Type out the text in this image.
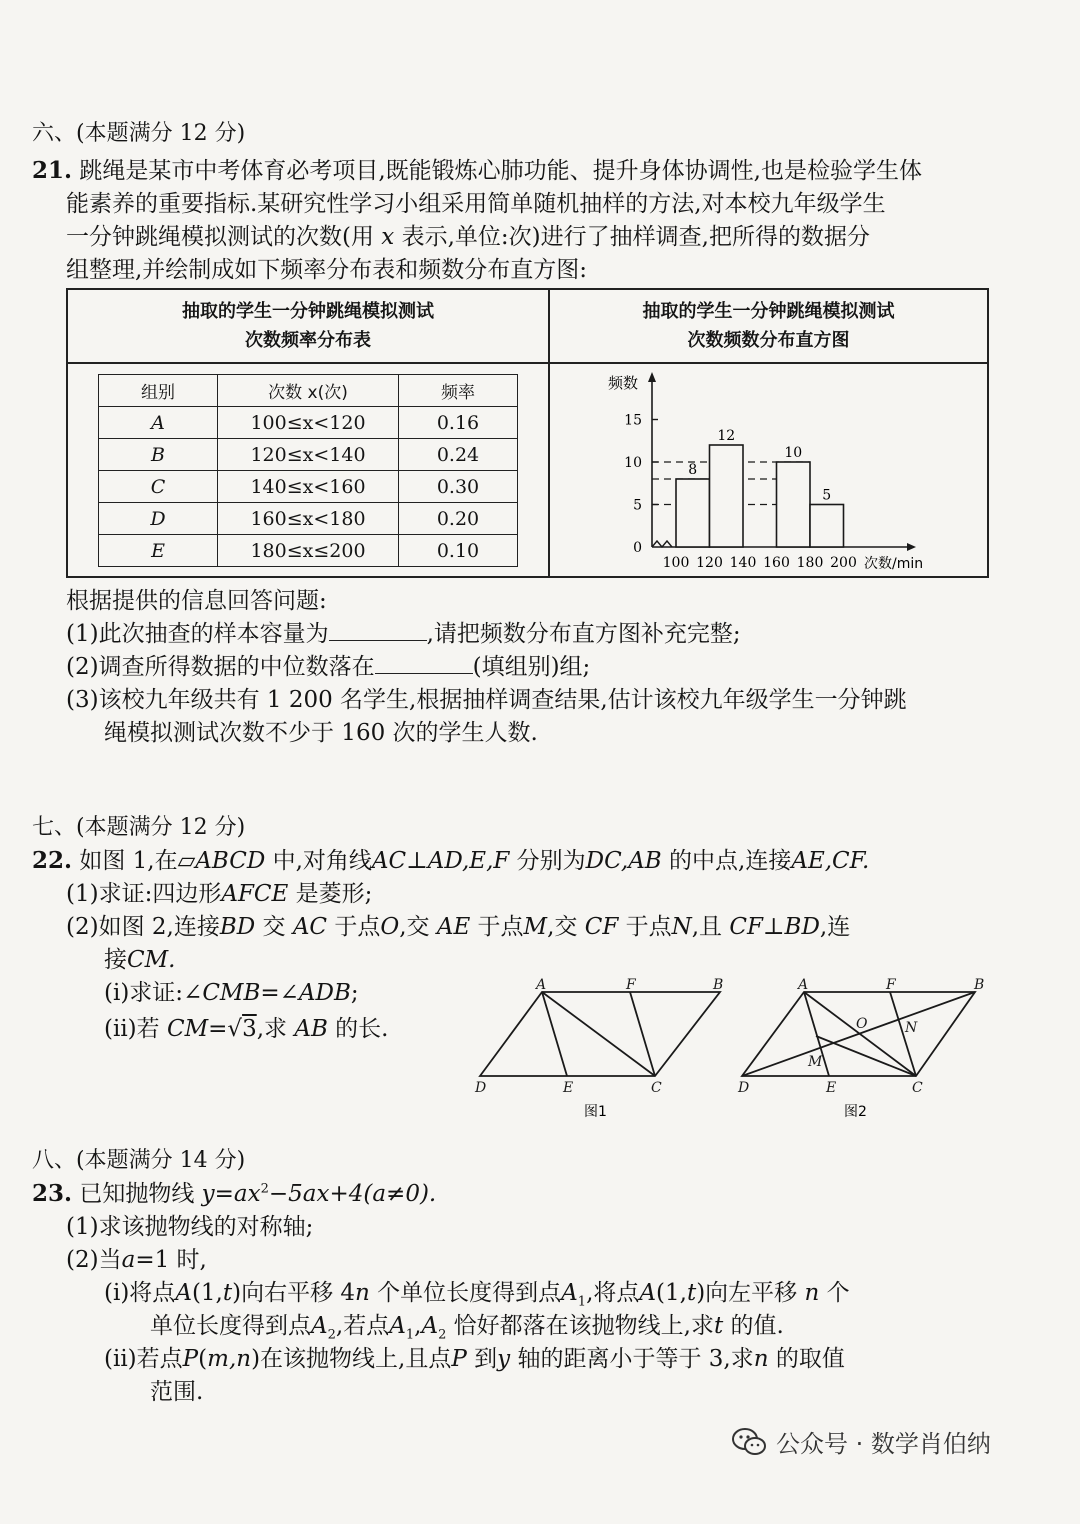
六、(本题满分 12 分)
21. 跳绳是某市中考体育必考项目,既能锻炼心肺功能、提升身体协调性,也是检验学生体
能素养的重要指标.某研究性学习小组采用简单随机抽样的方法,对本校九年级学生
一分钟跳绳模拟测试的次数(用 x 表示,单位:次)进行了抽样调查,把所得的数据分
组整理,并绘制成如下频率分布表和频数分布直方图:
抽取的学生一分钟跳绳模拟测试
次数频率分布表
抽取的学生一分钟跳绳模拟测试
次数频数分布直方图
组别	次数 x(次)	频率
A	100≤x<120	0.16
B	120≤x<140	0.24
C	140≤x<160	0.30
D	160≤x<180	0.20
E	180≤x≤200	0.10
频数
次数/min
0
5
10
15
100 120 140 160 180 200
8
12
10
5
根据提供的信息回答问题:
(1)此次抽查的样本容量为	,请把频数分布直方图补充完整;
(2)调查所得数据的中位数落在	(填组别)组;
(3)该校九年级共有 1 200 名学生,根据抽样调查结果,估计该校九年级学生一分钟跳
绳模拟测试次数不少于 160 次的学生人数.
七、(本题满分 12 分)
22. 如图 1,在▱ABCD 中,对角线AC⊥AD,E,F 分别为DC,AB 的中点,连接AE,CF.
(1)求证:四边形AFCE 是菱形;
(2)如图 2,连接BD 交 AC 于点O,交 AE 于点M,交 CF 于点N,且 CF⊥BD,连
接CM.
(ⅰ)求证:∠CMB=∠ADB;
(ⅱ)若 CM=√3,求 AB 的长.
A	F	B
D	E	C
图1
A	F	B
D	E	C
O
M
N
图2
八、(本题满分 14 分)
23. 已知抛物线 $y=ax^2-5ax+4(a\ne 0)$.
(1)求该抛物线的对称轴;
(2)当a=1 时,
(ⅰ)将点A(1,t)向右平移 4n 个单位长度得到点$A_1$,将点A(1,t)向左平移 n 个
单位长度得到点$A_2$,若点$A_1,A_2$ 恰好都落在该抛物线上,求t 的值.
(ⅱ)若点P(m,n)在该抛物线上,且点P 到y 轴的距离小于等于 3,求n 的取值
范围.
公众号 · 数学肖伯纳
